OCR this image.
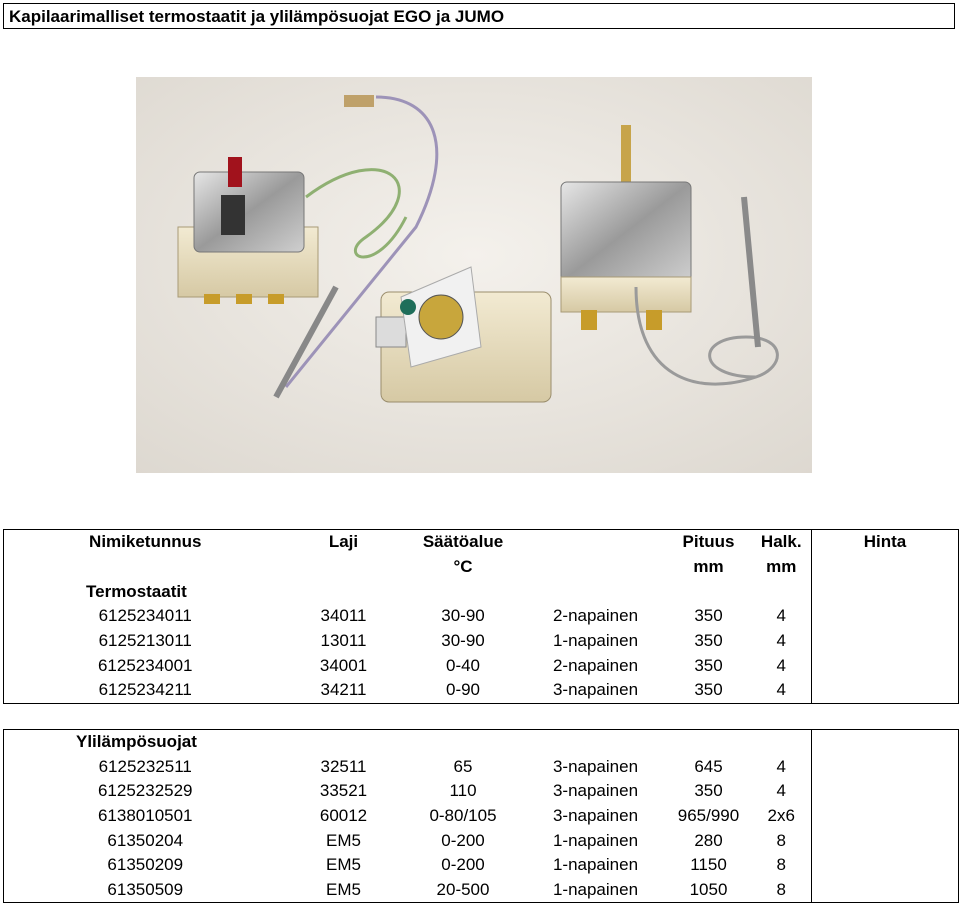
Kapilaarimalliset termostaatit ja ylilämpösuojat EGO ja JUMO
Nimiketunnus	Laji	Säätöalue		Pituus	Halk.	Hinta
		°C		mm	mm	
Termostaatit						
6125234011	34011	30-90	2-napainen	350	4	
6125213011	13011	30-90	1-napainen	350	4	
6125234001	34001	0-40	2-napainen	350	4	
6125234211	34211	0-90	3-napainen	350	4	

Ylilämpösuojat						
6125232511	32511	65	3-napainen	645	4	
6125232529	33521	110	3-napainen	350	4	
6138010501	60012	0-80/105	3-napainen	965/990	2x6	
61350204	EM5	0-200	1-napainen	280	8	
61350209	EM5	0-200	1-napainen	1150	8	
61350509	EM5	20-500	1-napainen	1050	8	
